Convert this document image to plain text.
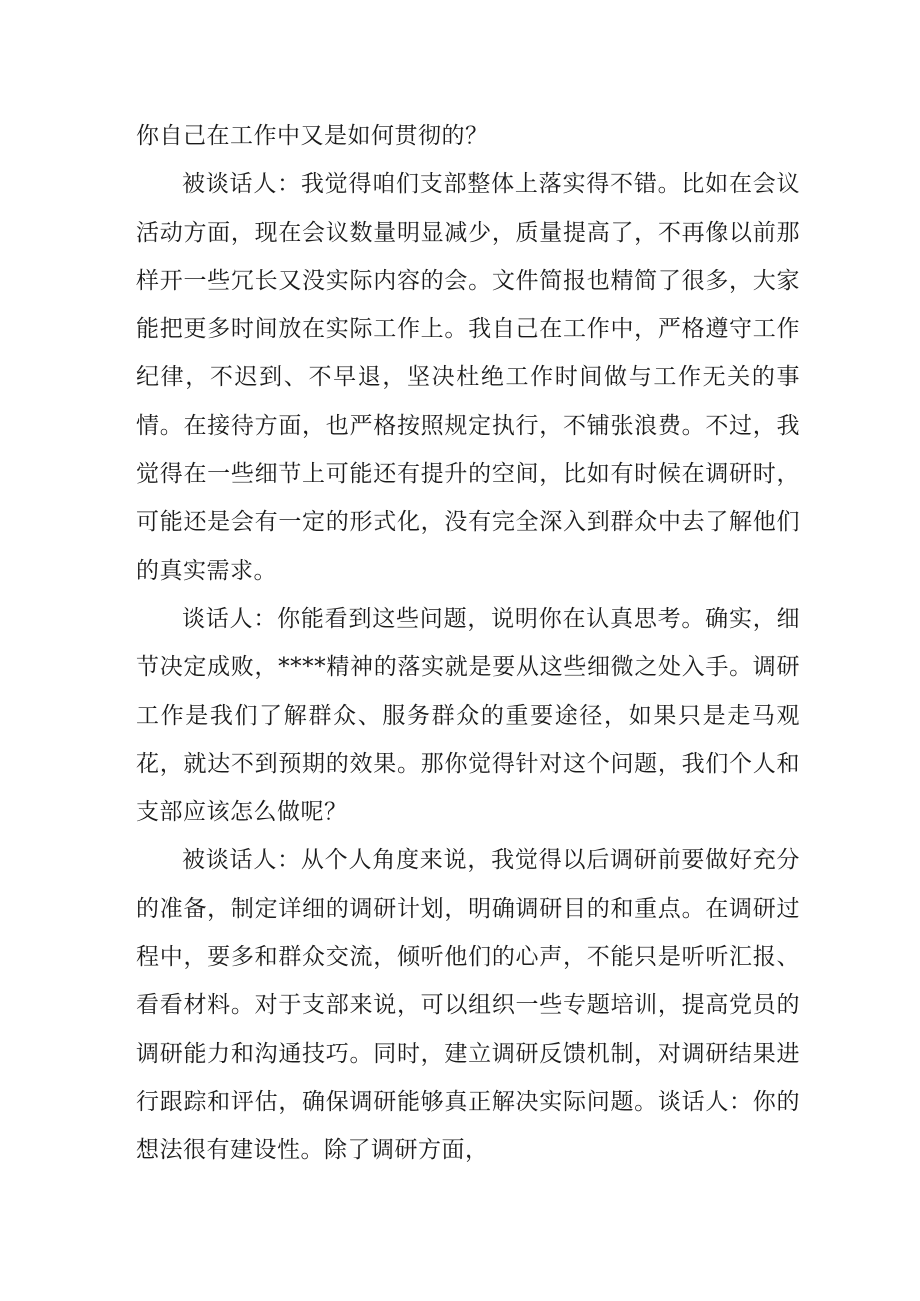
你自己在工作中又是如何贯彻的？

被谈话人：我觉得咱们支部整体上落实得不错。比如在会议活动方面，现在会议数量明显减少，质量提高了，不再像以前那样开一些冗长又没实际内容的会。文件简报也精简了很多，大家能把更多时间放在实际工作上。我自己在工作中，严格遵守工作纪律，不迟到、不早退，坚决杜绝工作时间做与工作无关的事情。在接待方面，也严格按照规定执行，不铺张浪费。不过，我觉得在一些细节上可能还有提升的空间，比如有时候在调研时，可能还是会有一定的形式化，没有完全深入到群众中去了解他们的真实需求。

谈话人：你能看到这些问题，说明你在认真思考。确实，细节决定成败，****精神的落实就是要从这些细微之处入手。调研工作是我们了解群众、服务群众的重要途径，如果只是走马观花，就达不到预期的效果。那你觉得针对这个问题，我们个人和支部应该怎么做呢？

被谈话人：从个人角度来说，我觉得以后调研前要做好充分的准备，制定详细的调研计划，明确调研目的和重点。在调研过程中，要多和群众交流，倾听他们的心声，不能只是听听汇报、看看材料。对于支部来说，可以组织一些专题培训，提高党员的调研能力和沟通技巧。同时，建立调研反馈机制，对调研结果进行跟踪和评估，确保调研能够真正解决实际问题。谈话人：你的想法很有建设性。除了调研方面，
